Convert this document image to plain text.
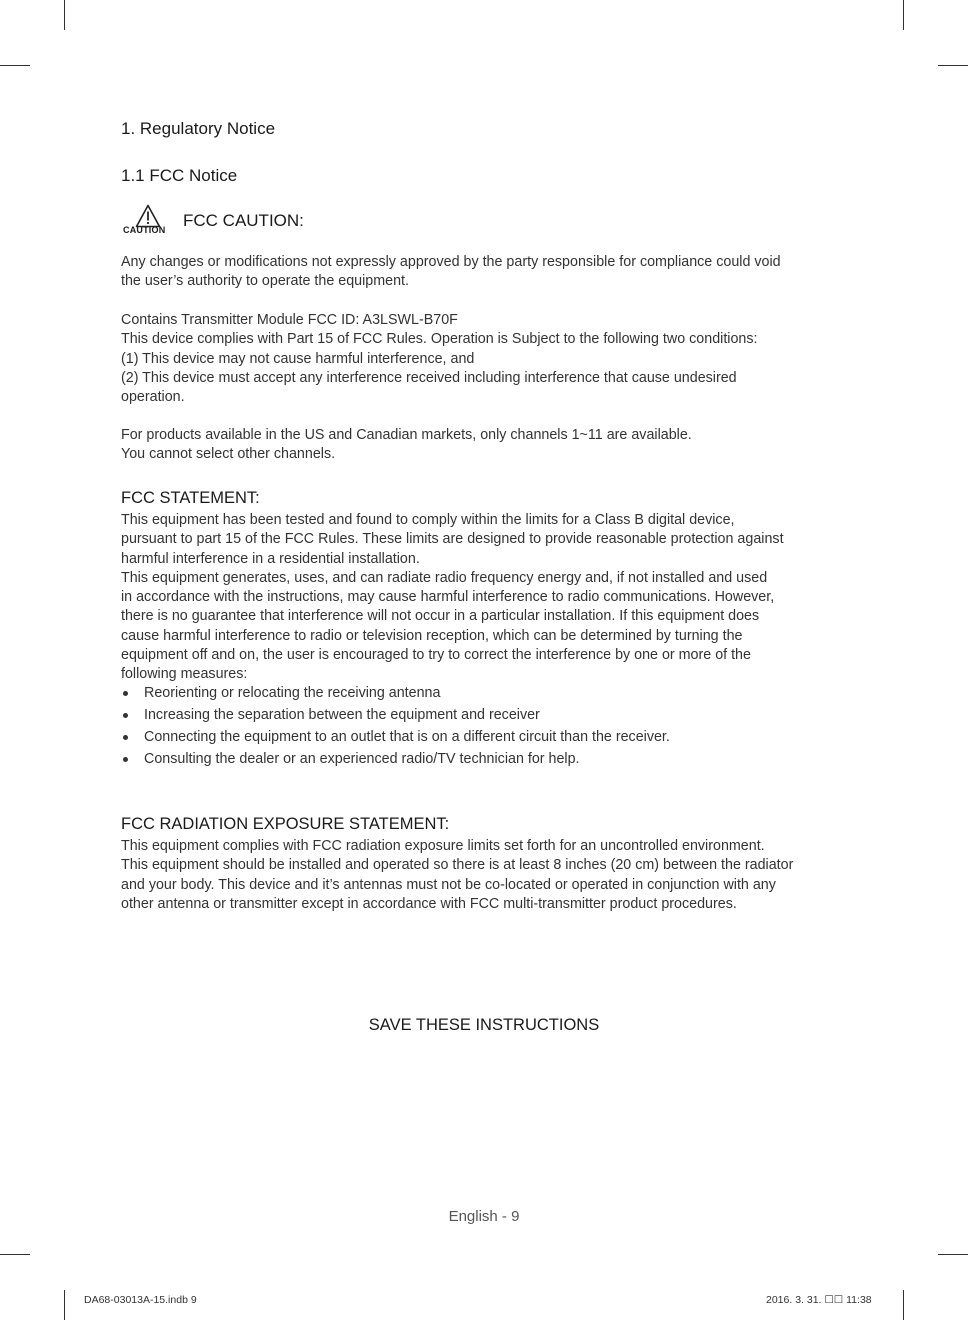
1. Regulatory Notice
1.1 FCC Notice
CAUTION FCC CAUTION:

Any changes or modifications not expressly approved by the party responsible for compliance could void
the user’s authority to operate the equipment.

Contains Transmitter Module FCC ID: A3LSWL-B70F
This device complies with Part 15 of FCC Rules. Operation is Subject to the following two conditions:
(1) This device may not cause harmful interference, and
(2) This device must accept any interference received including interference that cause undesired
operation.

For products available in the US and Canadian markets, only channels 1~11 are available.
You cannot select other channels.

FCC STATEMENT:

This equipment has been tested and found to comply within the limits for a Class B digital device,
pursuant to part 15 of the FCC Rules. These limits are designed to provide reasonable protection against
harmful interference in a residential installation.
This equipment generates, uses, and can radiate radio frequency energy and, if not installed and used
in accordance with the instructions, may cause harmful interference to radio communications. However,
there is no guarantee that interference will not occur in a particular installation. If this equipment does
cause harmful interference to radio or television reception, which can be determined by turning the
equipment off and on, the user is encouraged to try to correct the interference by one or more of the
following measures:

Reorienting or relocating the receiving antenna
Increasing the separation between the equipment and receiver
Connecting the equipment to an outlet that is on a different circuit than the receiver.
Consulting the dealer or an experienced radio/TV technician for help.
FCC RADIATION EXPOSURE STATEMENT:

This equipment complies with FCC radiation exposure limits set forth for an uncontrolled environment.
This equipment should be installed and operated so there is at least 8 inches (20 cm) between the radiator
and your body. This device and it’s antennas must not be co-located or operated in conjunction with any
other antenna or transmitter except in accordance with FCC multi-transmitter product procedures.

SAVE THESE INSTRUCTIONS
English - 9
DA68-03013A-15.indb 9	2016. 3. 31. ☐☐ 11:38
